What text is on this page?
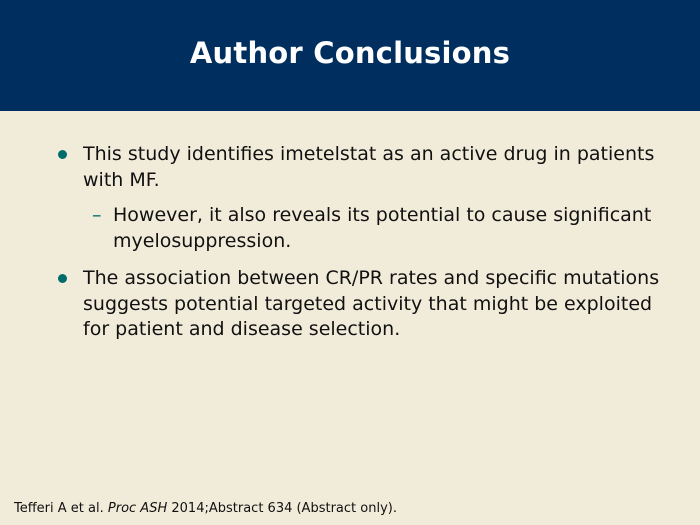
Author Conclusions

This study identifies imetelstat as an active drug in patients with MF.

– However, it also reveals its potential to cause significant myelosuppression.

The association between CR/PR rates and specific mutations suggests potential targeted activity that might be exploited for patient and disease selection.

Tefferi A et al. Proc ASH 2014;Abstract 634 (Abstract only).
